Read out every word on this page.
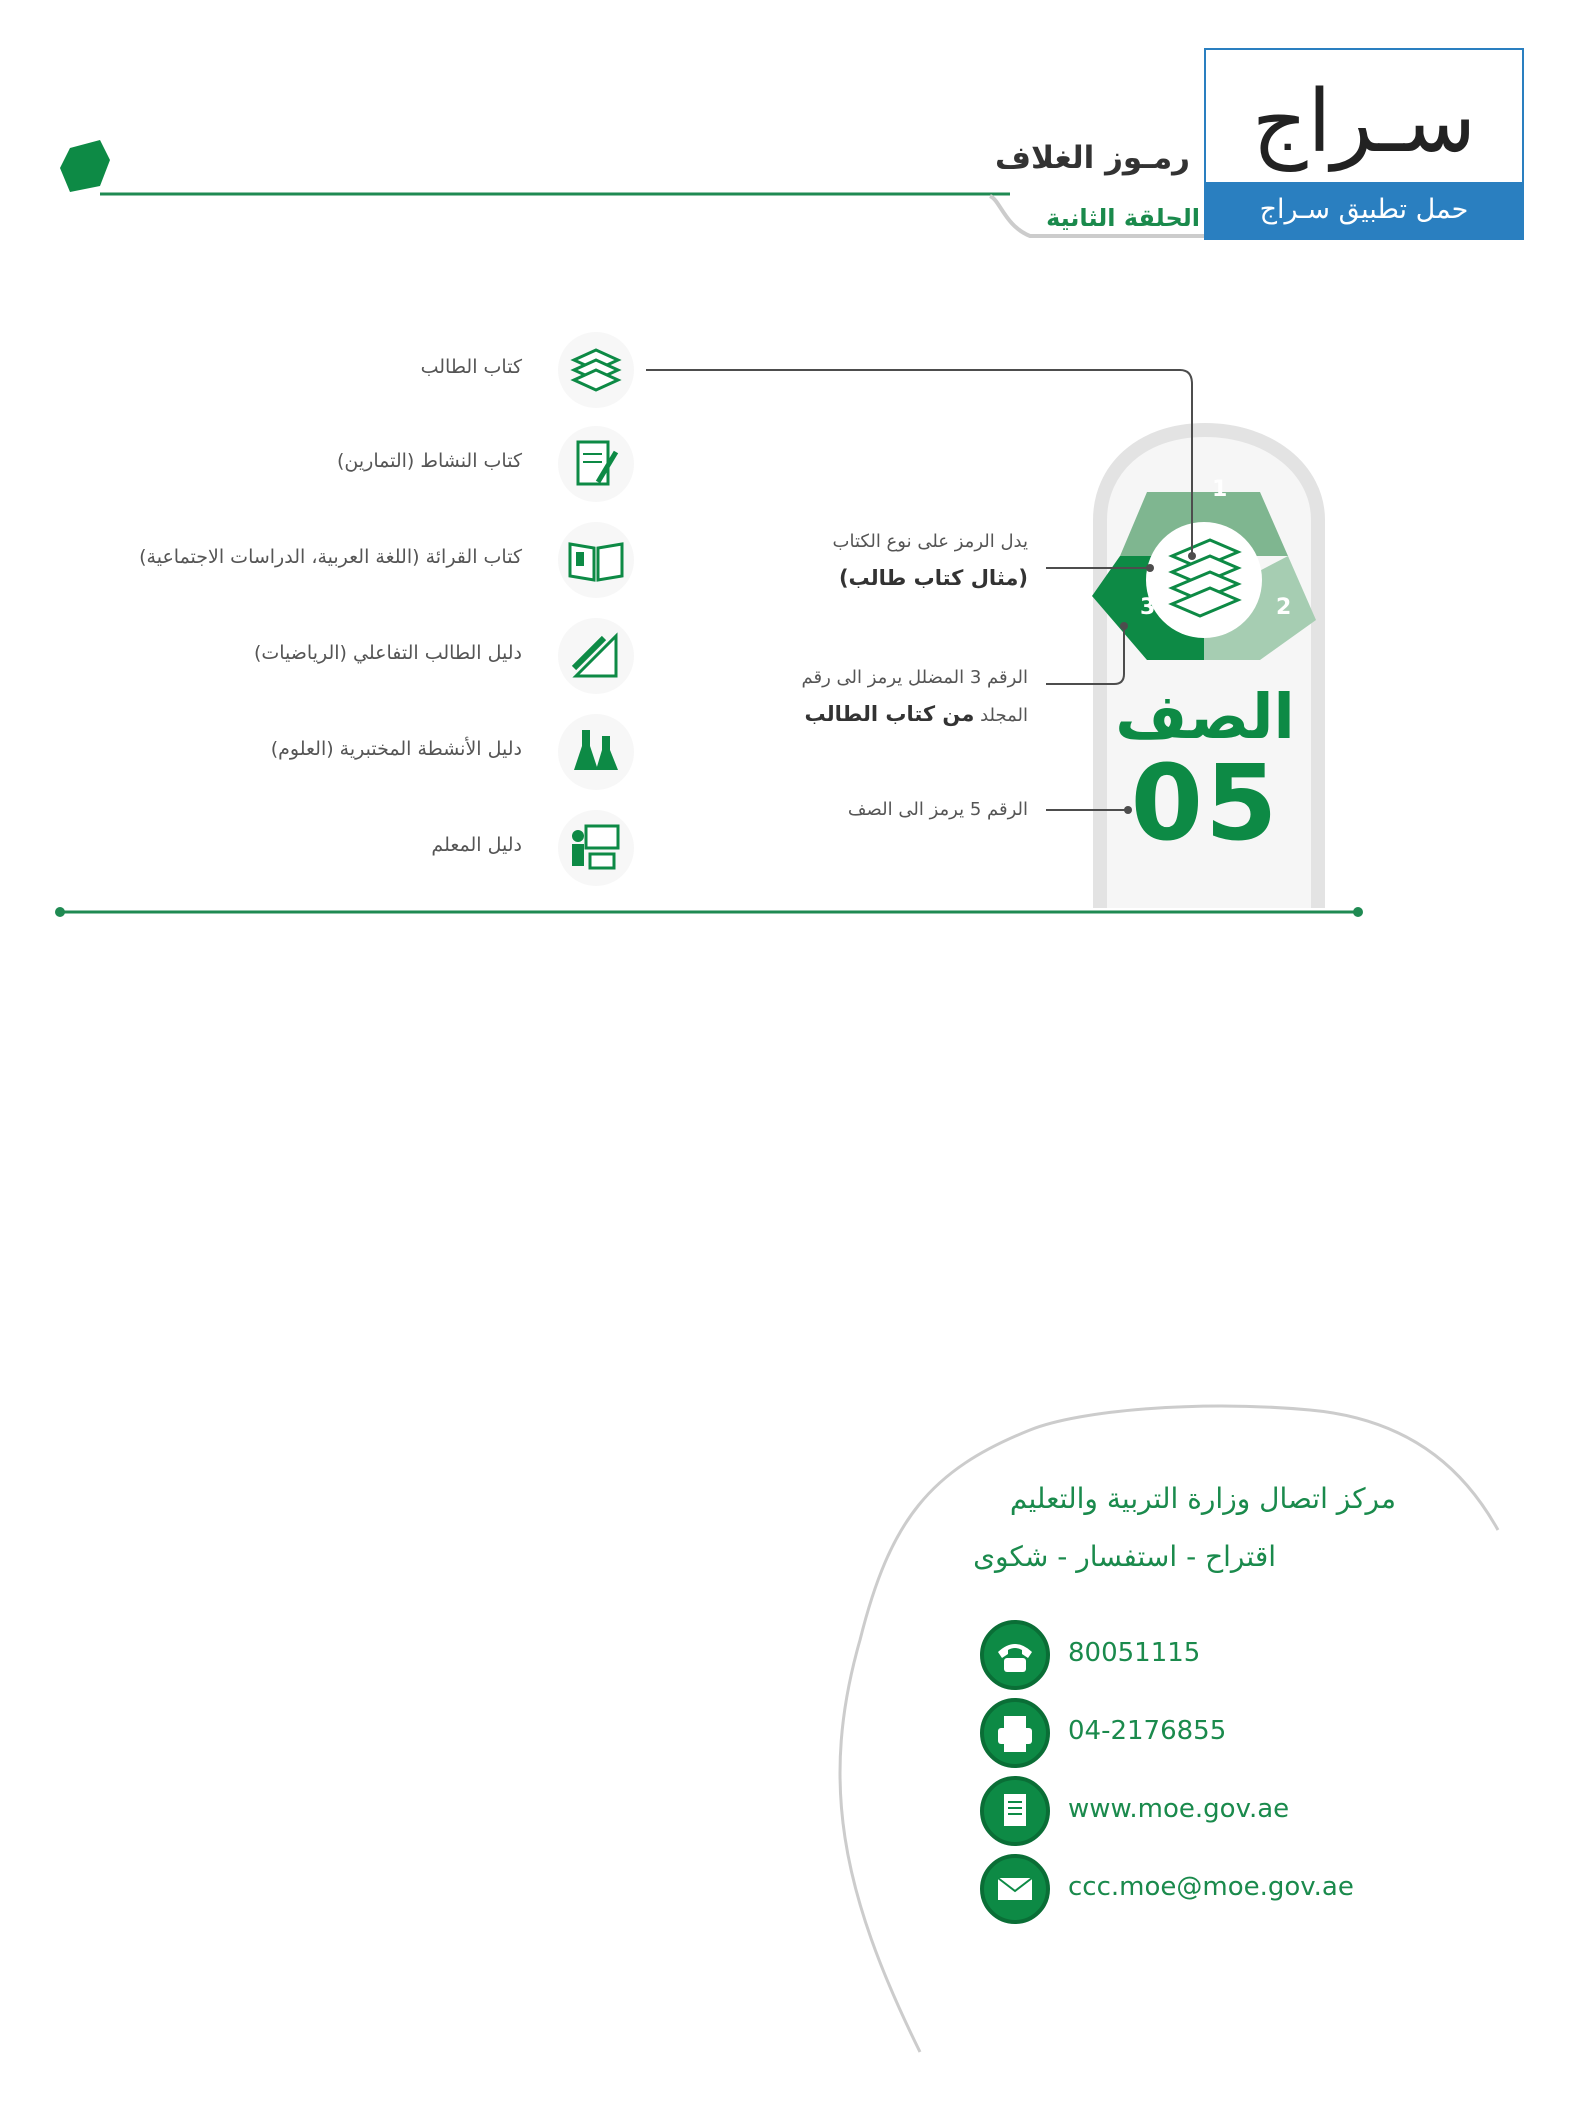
1
2
3
سـراج
حمل تطبيق سـراج
رمـوز الغلاف
الحلقة الثانية
كتاب الطالب
كتاب النشاط (التمارين)
كتاب القرائة (اللغة العربية، الدراسات الاجتماعية)
دليل الطالب التفاعلي (الرياضيات)
دليل الأنشطة المختبرية (العلوم)
دليل المعلم
يدل الرمز على نوع الكتاب
(مثال كتاب طالب)
الرقم 3 المضلل يرمز الى رقم
المجلد من كتاب الطالب
الرقم 5 يرمز الى الصف
الصف
05
مركز اتصال وزارة التربية والتعليم
اقتراح - استفسار - شكوى
80051115
04-2176855
www.moe.gov.ae
ccc.moe@moe.gov.ae
